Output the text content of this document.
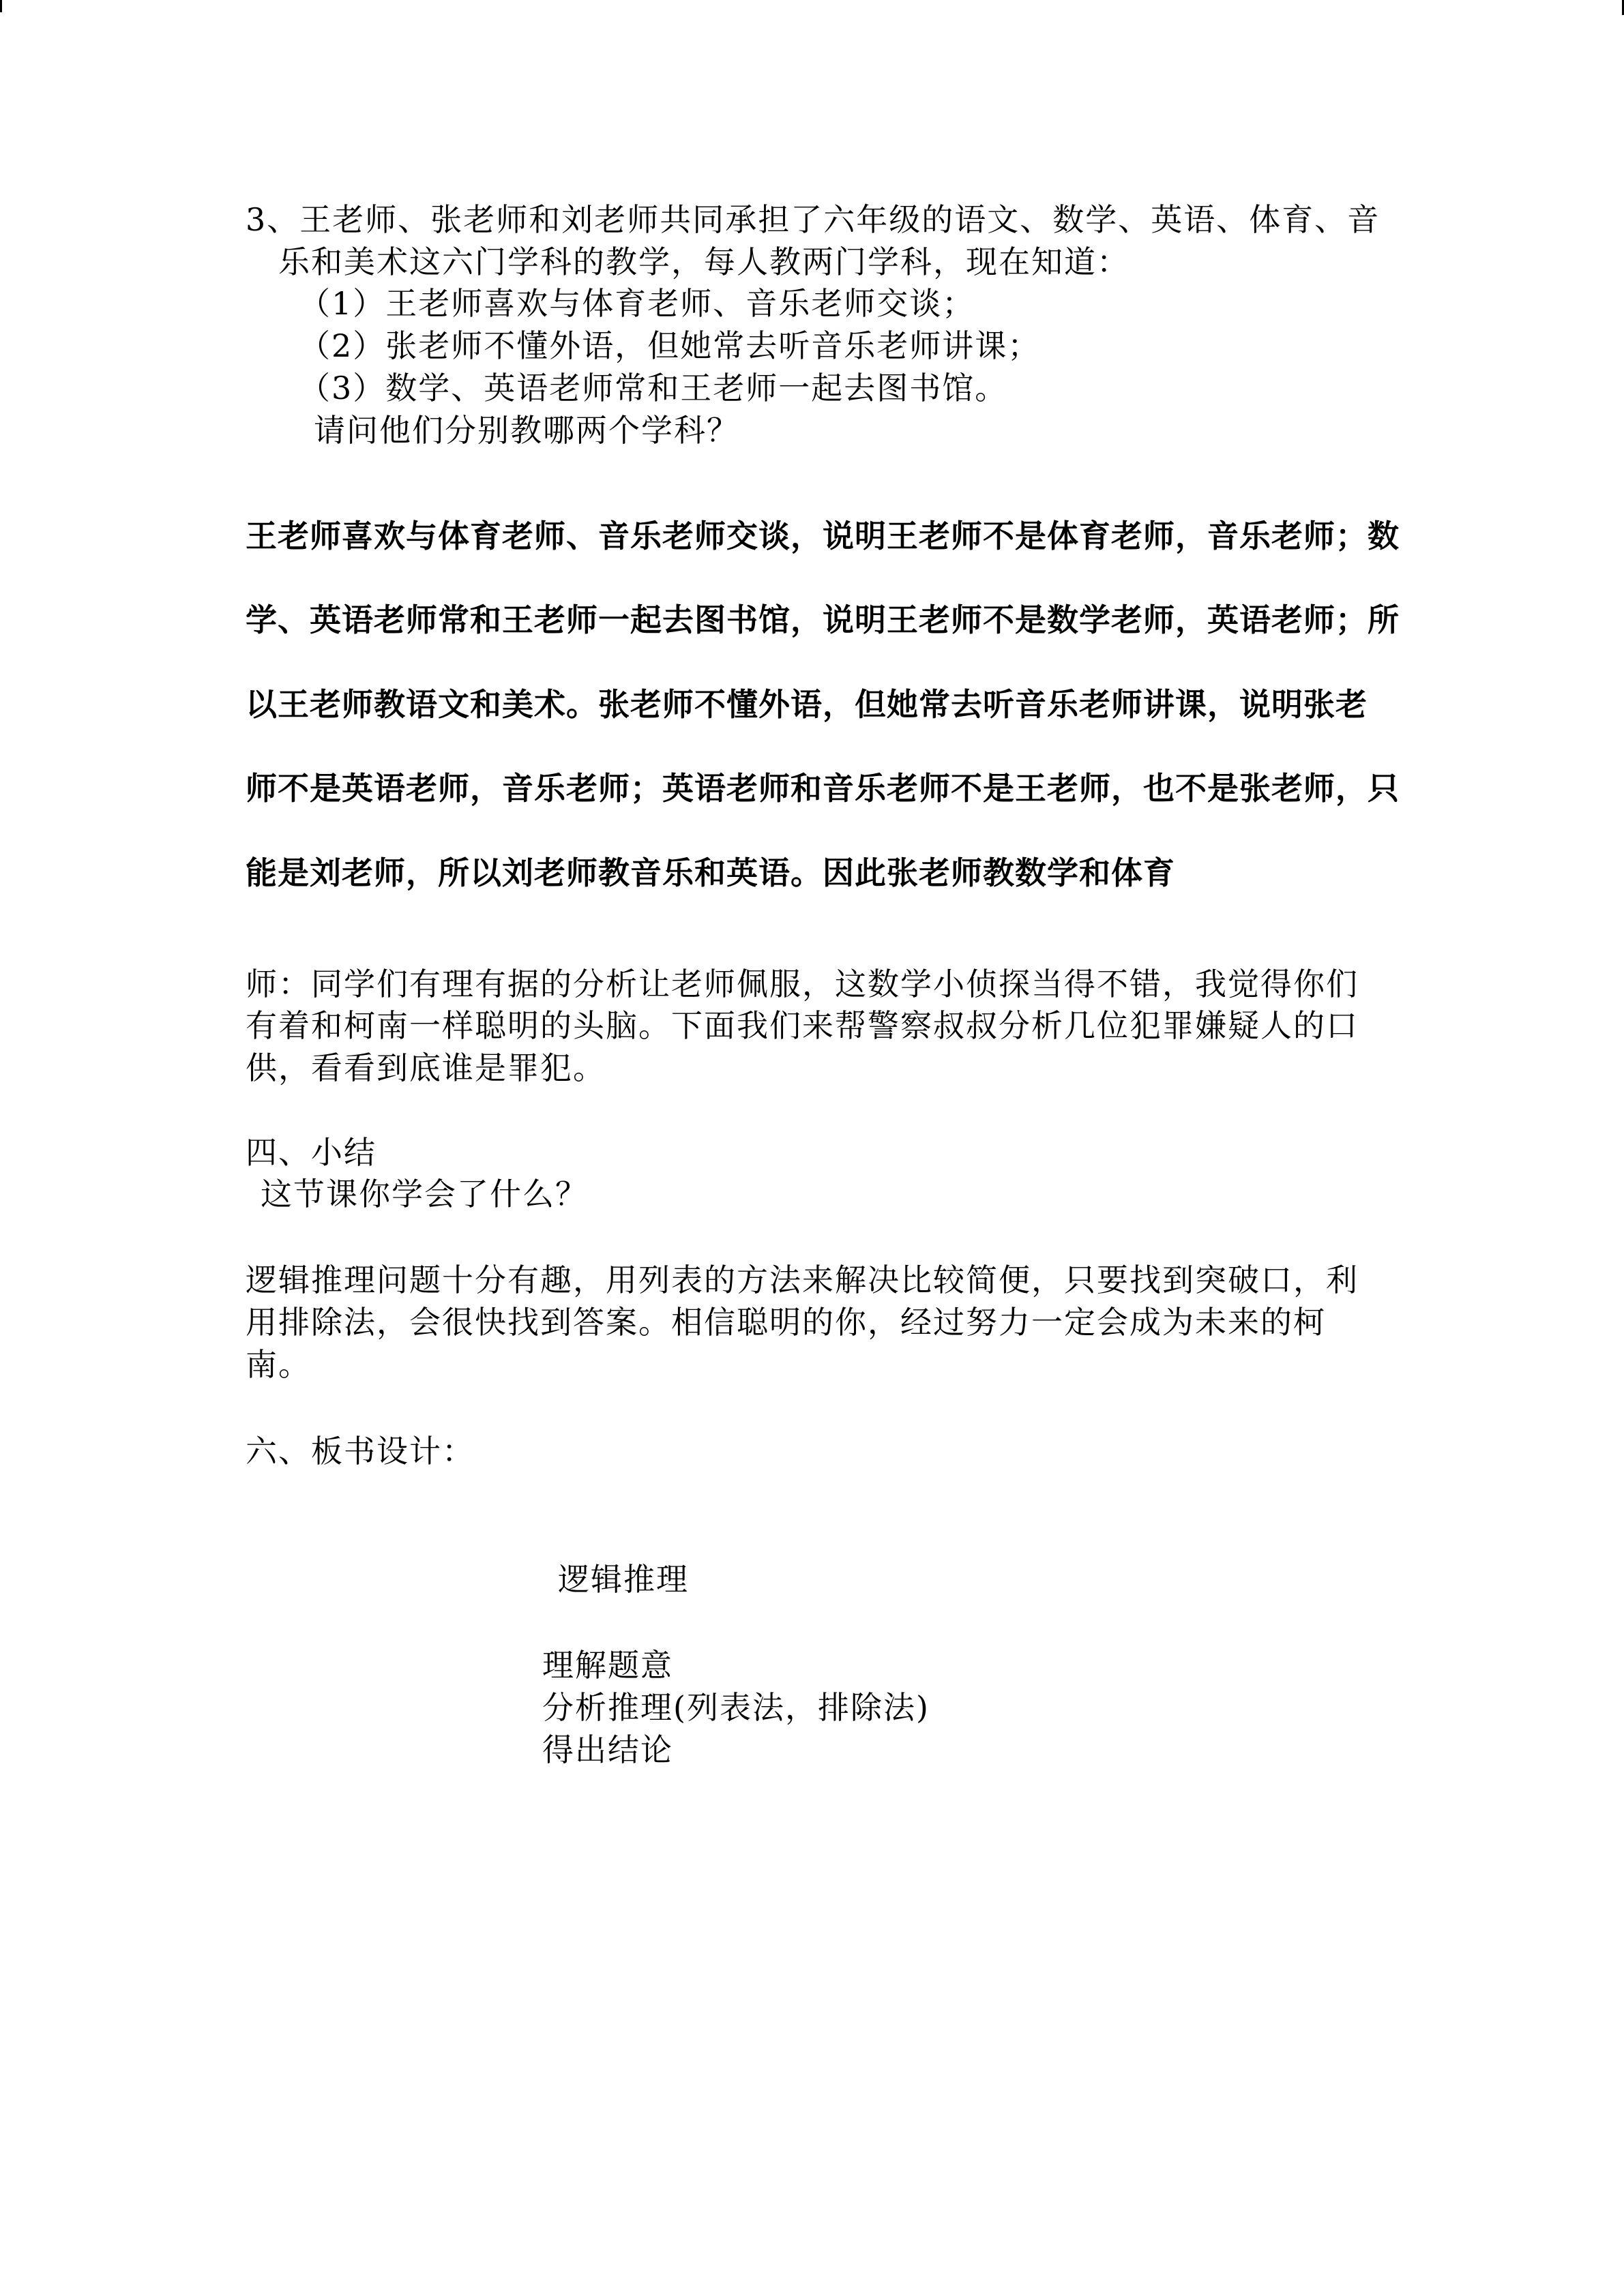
3、王老师、张老师和刘老师共同承担了六年级的语文、数学、英语、体育、音
乐和美术这六门学科的教学，每人教两门学科，现在知道：
（1）王老师喜欢与体育老师、音乐老师交谈；
（2）张老师不懂外语，但她常去听音乐老师讲课；
（3）数学、英语老师常和王老师一起去图书馆。
请问他们分别教哪两个学科？
王老师喜欢与体育老师、音乐老师交谈，说明王老师不是体育老师，音乐老师；数
学、英语老师常和王老师一起去图书馆，说明王老师不是数学老师，英语老师；所
以王老师教语文和美术。张老师不懂外语，但她常去听音乐老师讲课，说明张老
师不是英语老师，音乐老师；英语老师和音乐老师不是王老师，也不是张老师，只
能是刘老师，所以刘老师教音乐和英语。因此张老师教数学和体育
师：同学们有理有据的分析让老师佩服，这数学小侦探当得不错，我觉得你们
有着和柯南一样聪明的头脑。下面我们来帮警察叔叔分析几位犯罪嫌疑人的口
供，看看到底谁是罪犯。
四、小结
这节课你学会了什么？
逻辑推理问题十分有趣，用列表的方法来解决比较简便，只要找到突破口，利
用排除法，会很快找到答案。相信聪明的你，经过努力一定会成为未来的柯
南。
六、板书设计：
逻辑推理
理解题意
分析推理(列表法，排除法)
得出结论
